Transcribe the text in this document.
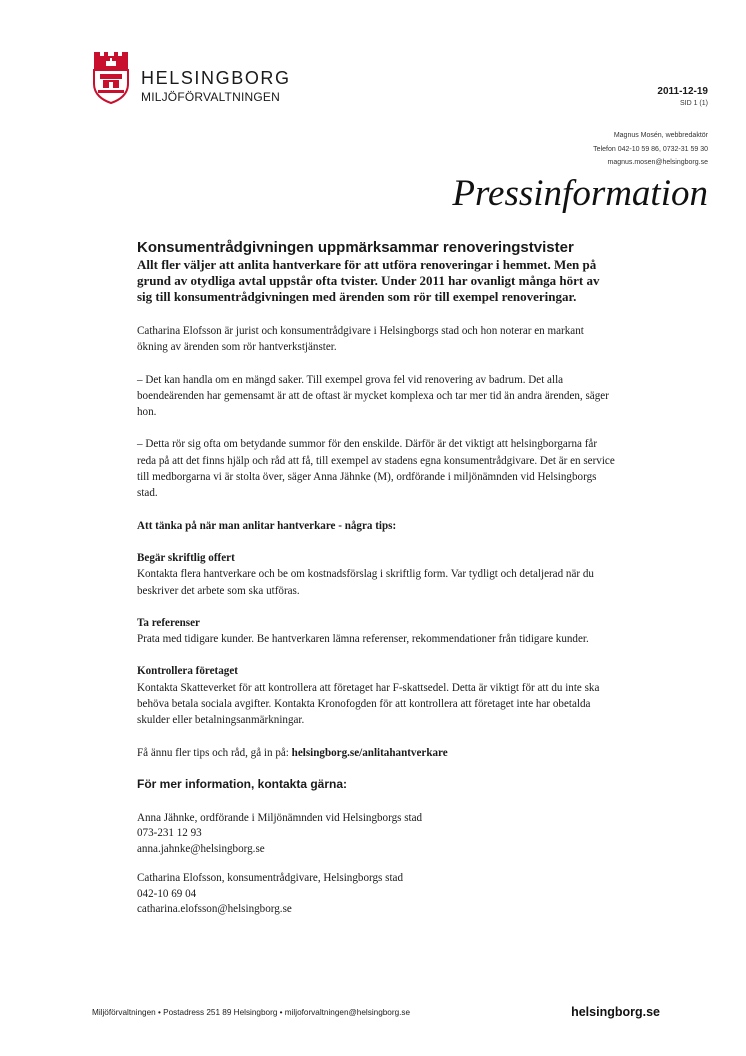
HELSINGBORG
MILJÖFÖRVALTNINGEN	2011-12-19
SID 1 (1)
Magnus Mosén, webbredaktör
Telefon 042-10 59 86, 0732-31 59 30
magnus.mosen@helsingborg.se
Pressinformation
Konsumentrådgivningen uppmärksammar renoveringstvister
Allt fler väljer att anlita hantverkare för att utföra renoveringar i hemmet. Men på grund av otydliga avtal uppstår ofta tvister. Under 2011 har ovanligt många hört av sig till konsumentrådgivningen med ärenden som rör till exempel renoveringar.
Catharina Elofsson är jurist och konsumentrådgivare i Helsingborgs stad och hon noterar en markant ökning av ärenden som rör hantverkstjänster.
– Det kan handla om en mängd saker. Till exempel grova fel vid renovering av badrum. Det alla boendeärenden har gemensamt är att de oftast är mycket komplexa och tar mer tid än andra ärenden, säger hon.
– Detta rör sig ofta om betydande summor för den enskilde. Därför är det viktigt att helsingborgarna får reda på att det finns hjälp och råd att få, till exempel av stadens egna konsumentrådgivare. Det är en service till medborgarna vi är stolta över, säger Anna Jähnke (M), ordförande i miljönämnden vid Helsingborgs stad.
Att tänka på när man anlitar hantverkare - några tips:
Begär skriftlig offert
Kontakta flera hantverkare och be om kostnadsförslag i skriftlig form. Var tydligt och detaljerad när du beskriver det arbete som ska utföras.
Ta referenser
Prata med tidigare kunder. Be hantverkaren lämna referenser, rekommendationer från tidigare kunder.
Kontrollera företaget
Kontakta Skatteverket för att kontrollera att företaget har F-skattsedel. Detta är viktigt för att du inte ska behöva betala sociala avgifter. Kontakta Kronofogden för att kontrollera att företaget inte har obetalda skulder eller betalningsanmärkningar.
Få ännu fler tips och råd, gå in på: helsingborg.se/anlitahantverkare
För mer information, kontakta gärna:
Anna Jähnke, ordförande i Miljönämnden vid Helsingborgs stad
073-231 12 93
anna.jahnke@helsingborg.se
Catharina Elofsson, konsumentrådgivare, Helsingborgs stad
042-10 69 04
catharina.elofsson@helsingborg.se
Miljöförvaltningen • Postadress 251 89 Helsingborg • miljoforvaltningen@helsingborg.se	helsingborg.se
